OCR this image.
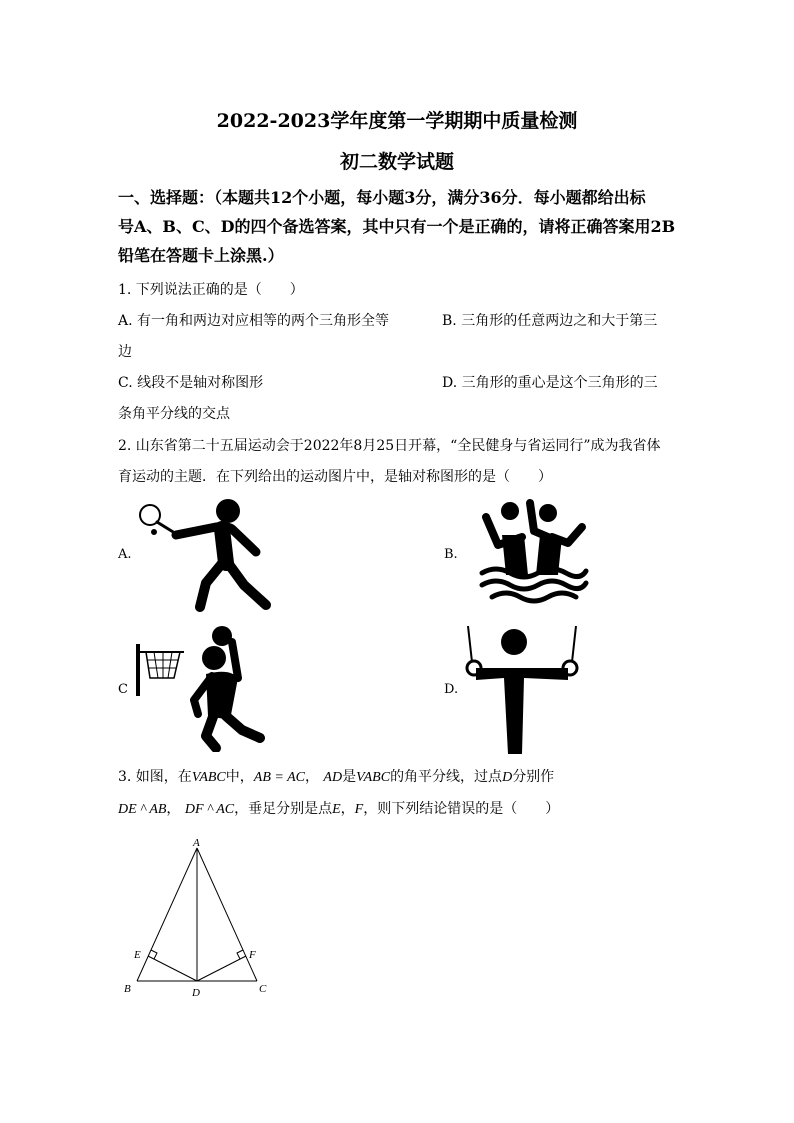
2022-2023学年度第一学期期中质量检测
初二数学试题
一、选择题：（本题共12个小题，每小题3分，满分36分．每小题都给出标
号A、B、C、D的四个备选答案，其中只有一个是正确的，请将正确答案用2B
铅笔在答题卡上涂黑.）
1. 下列说法正确的是（　　）
A. 有一角和两边对应相等的两个三角形全等	B. 三角形的任意两边之和大于第三
边
C. 线段不是轴对称图形	D. 三角形的重心是这个三角形的三
条角平分线的交点
2. 山东省第二十五届运动会于2022年8月25日开幕，“全民健身与省运同行”成为我省体
育运动的主题．在下列给出的运动图片中，是轴对称图形的是（　　）
A.	B.
C	D.
3. 如图，在VABC中，AB = AC， AD是VABC的角平分线，过点D分别作
DE ^ AB， DF ^ AC，垂足分别是点E，F，则下列结论错误的是（　　）
A
B	C
D
E	F
